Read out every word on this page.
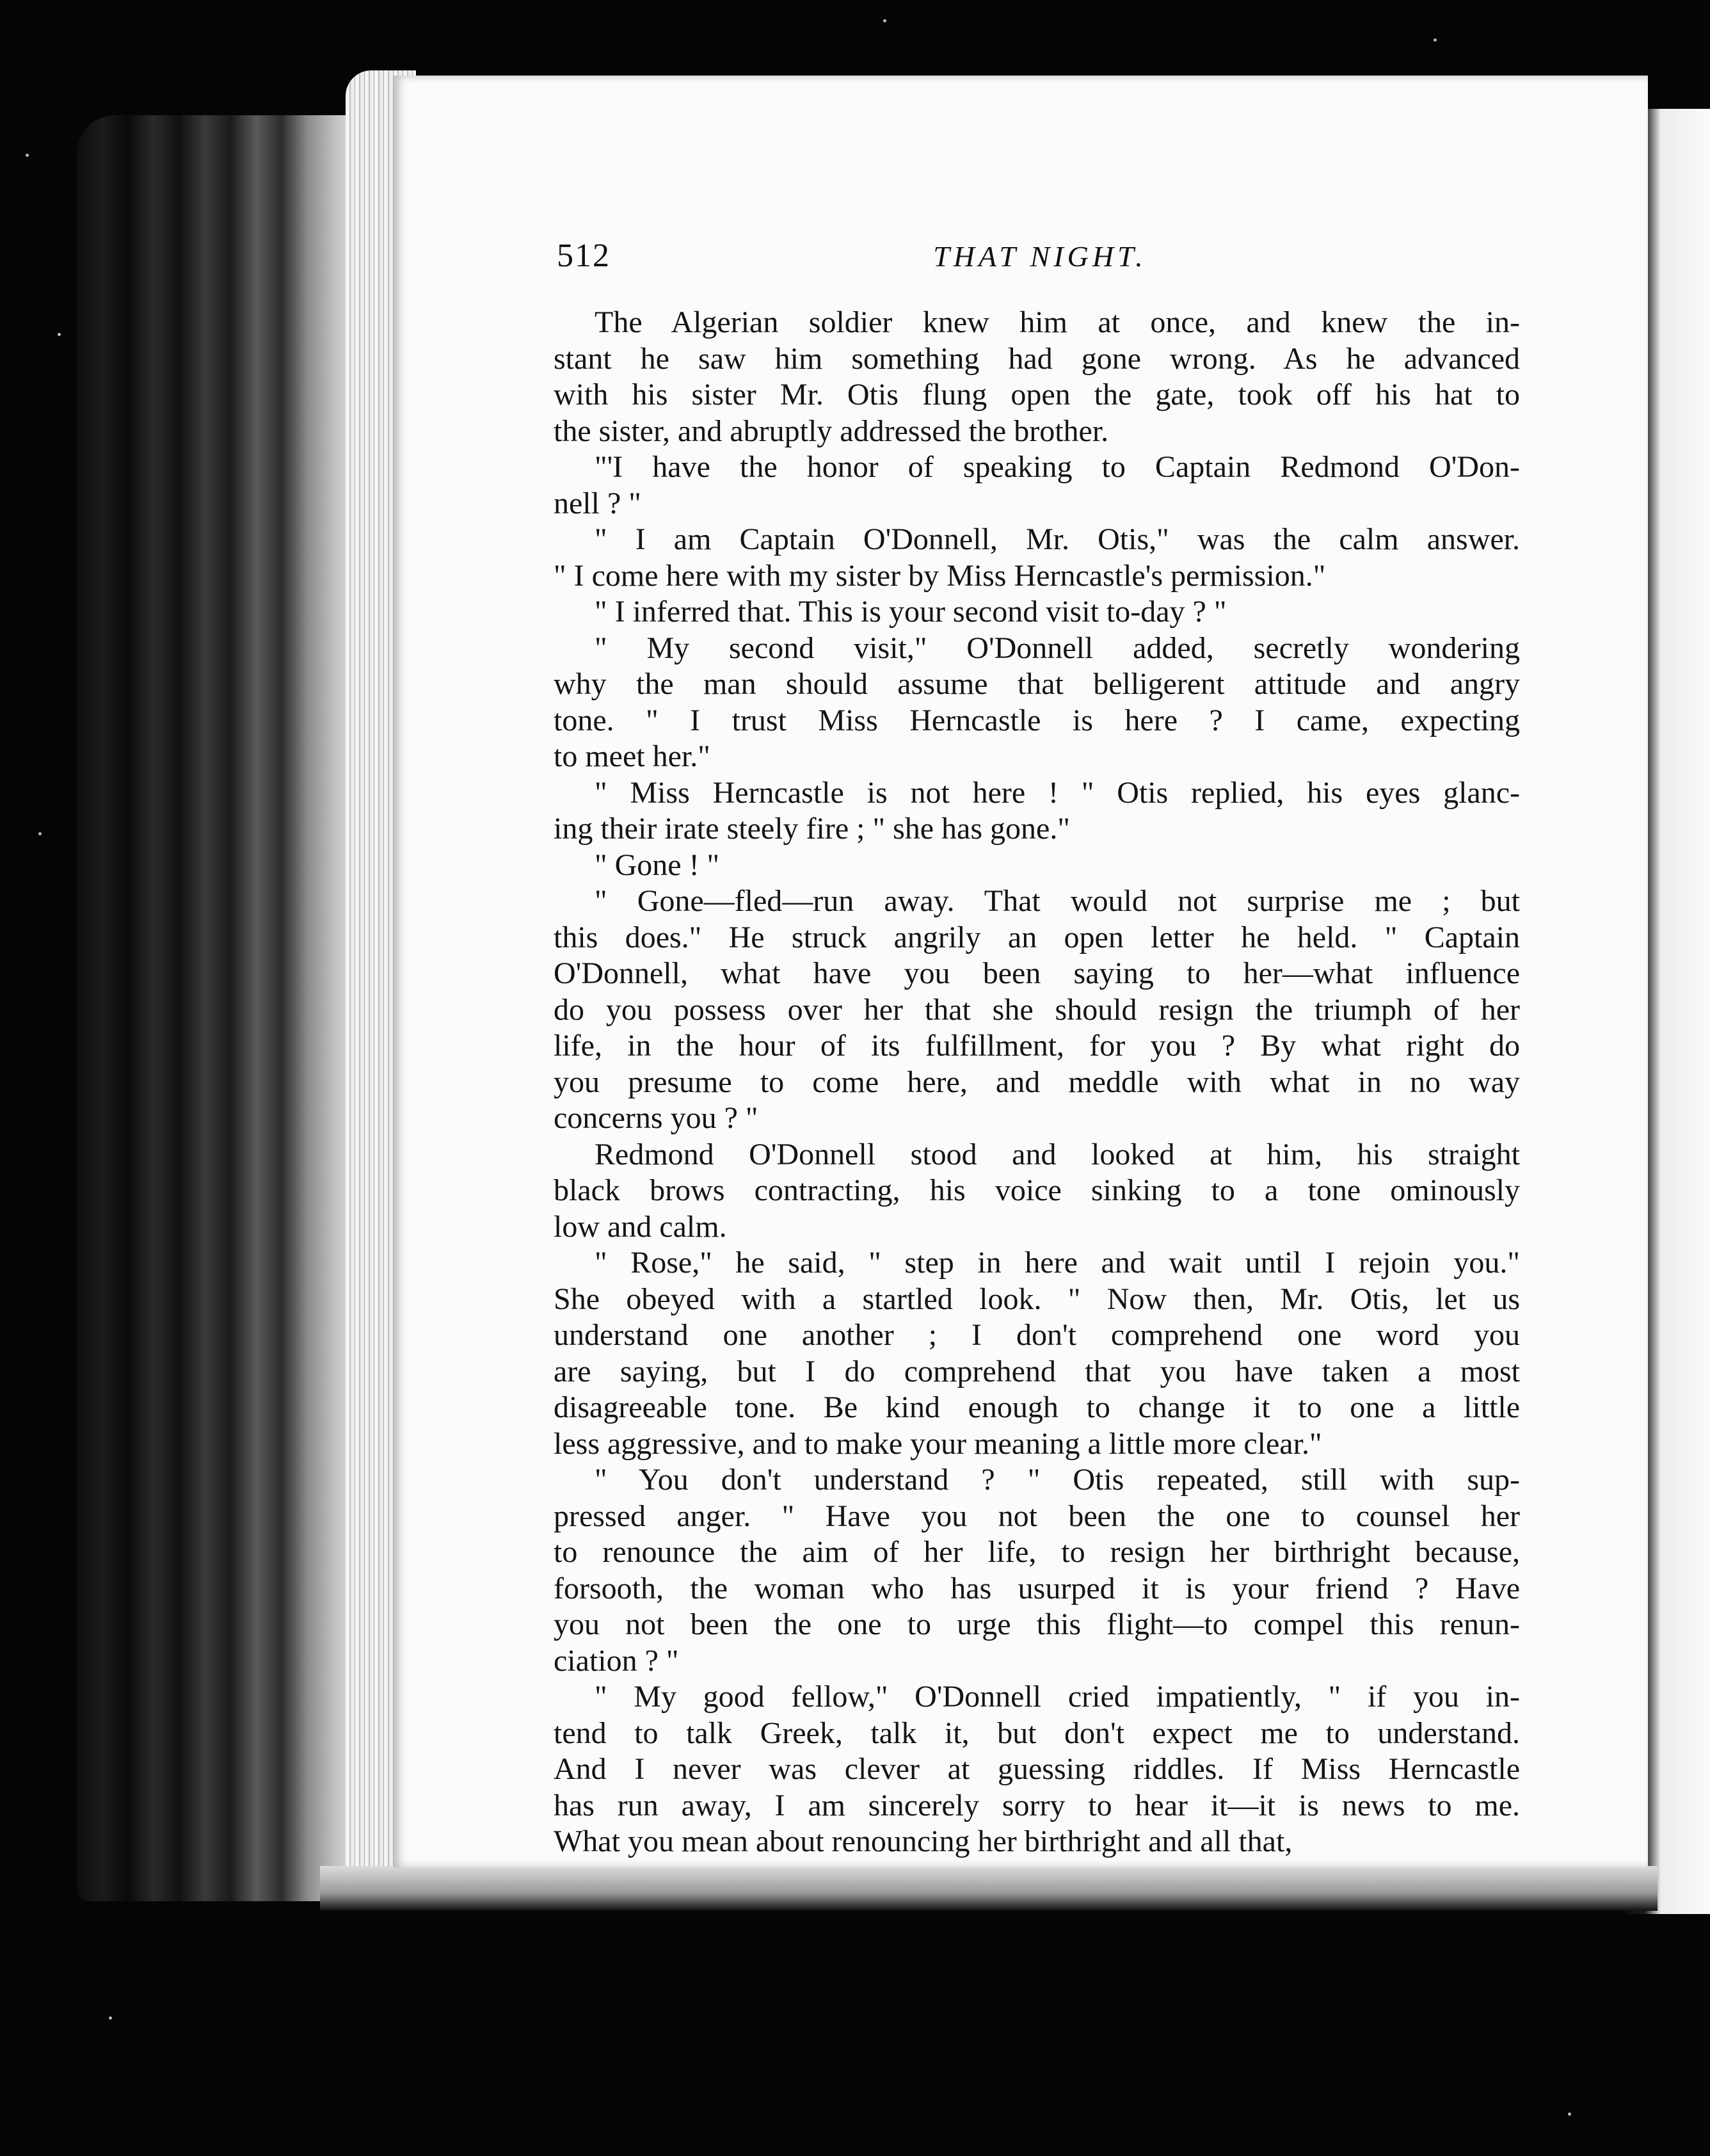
512	THAT NIGHT.

The Algerian soldier knew him at once, and knew the in-
stant he saw him something had gone wrong. As he advanced
with his sister Mr. Otis flung open the gate, took off his hat to
the sister, and abruptly addressed the brother.

"'I have the honor of speaking to Captain Redmond O'Don-
nell ? "

" I am Captain O'Donnell, Mr. Otis," was the calm answer.
" I come here with my sister by Miss Herncastle's permission."

" I inferred that. This is your second visit to-day ? "

" My second visit," O'Donnell added, secretly wondering
why the man should assume that belligerent attitude and angry
tone. " I trust Miss Herncastle is here ? I came, expecting
to meet her."

" Miss Herncastle is not here ! " Otis replied, his eyes glanc-
ing their irate steely fire ; " she has gone."

" Gone ! "

" Gone—fled—run away. That would not surprise me ; but
this does." He struck angrily an open letter he held. " Captain
O'Donnell, what have you been saying to her—what influence
do you possess over her that she should resign the triumph of her
life, in the hour of its fulfillment, for you ? By what right do
you presume to come here, and meddle with what in no way
concerns you ? "

Redmond O'Donnell stood and looked at him, his straight
black brows contracting, his voice sinking to a tone ominously
low and calm.

" Rose," he said, " step in here and wait until I rejoin you."
She obeyed with a startled look. " Now then, Mr. Otis, let us
understand one another ; I don't comprehend one word you
are saying, but I do comprehend that you have taken a most
disagreeable tone. Be kind enough to change it to one a little
less aggressive, and to make your meaning a little more clear."

" You don't understand ? " Otis repeated, still with sup-
pressed anger. " Have you not been the one to counsel her
to renounce the aim of her life, to resign her birthright because,
forsooth, the woman who has usurped it is your friend ? Have
you not been the one to urge this flight—to compel this renun-
ciation ? "

" My good fellow," O'Donnell cried impatiently, " if you in-
tend to talk Greek, talk it, but don't expect me to understand.
And I never was clever at guessing riddles. If Miss Herncastle
has run away, I am sincerely sorry to hear it—it is news to me.
What you mean about renouncing her birthright and all that,
